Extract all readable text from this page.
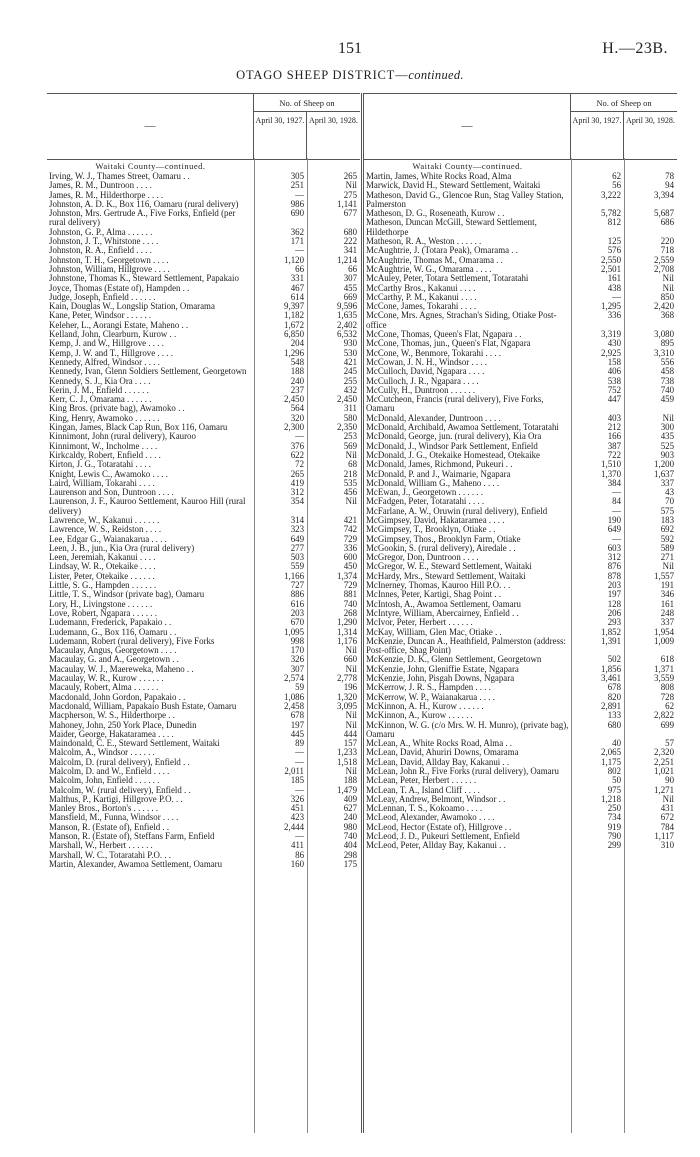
151	H.—23B.
OTAGO SHEEP DISTRICT—continued.
—
No. of Sheep on
April 30, 1927. April 30, 1928.
Waitaki County—continued.
Irving, W. J., Thames Street, Oamaru . .	305	265
James, R. M., Duntroon . . . .	251	Nil
James, R. M., Hilderthorpe . . . .	—	275
Johnston, A. D. K., Box 116, Oamaru (rural delivery)	986	1,141
Johnston, Mrs. Gertrude A., Five Forks, Enfield (per rural delivery)
690	677
Johnston, G. P., Alma . . . . . .	362	680
Johnston, J. T., Whitstone . . . .	171	222
Johnston, R. A., Enfield . . . .	—	341
Johnston, T. H., Georgetown . . . .	1,120	1,214
Johnston, William, Hillgrove . . . .	66	66
Johnstone, Thomas K., Steward Settlement, Papakaio	331	307
Joyce, Thomas (Estate of), Hampden . .	467	455
Judge, Joseph, Enfield . . . . . .	614	669
Kain, Douglas W., Longslip Station, Omarama	9,397	9,596
Kane, Peter, Windsor . . . . . .	1,182	1,635
Keleher, L., Aorangi Estate, Maheno . .	1,672	2,402
Kelland, John, Clearburn, Kurow . .	6,850	6,532
Kemp, J. and W., Hillgrove . . . .	204	930
Kemp, J. W. and T., Hillgrove . . . .	1,296	530
Kennedy, Alfred, Windsor . . . .	548	421
Kennedy, Ivan, Glenn Soldiers Settlement, Georgetown	188	245
Kennedy, S. J., Kia Ora . . . .	240	255
Kerin, J. M., Enfield . . . . . .	237	432
Kerr, C. J., Omarama . . . . . .	2,450	2,450
King Bros. (private bag), Awamoko . .	564	311
King, Henry, Awamoko . . . . . .	320	580
Kingan, James, Black Cap Run, Box 116, Oamaru	2,300	2,350
Kinnimont, John (rural delivery), Kauroo	—	253
Kinnimont, W., Incholme . . . .	376	569
Kirkcaldy, Robert, Enfield . . . .	622	Nil
Kirton, J. G., Totaratahi . . . .	72	68
Knight, Lewis C., Awamoko . . . .	265	218
Laird, William, Tokarahi . . . .	419	535
Laurenson and Son, Duntroon . . . .	312	456
Laurenson, J. F., Kauroo Settlement, Kauroo Hill (rural delivery)
354	Nil
Lawrence, W., Kakanui . . . . . .	314	421
Lawrence, W. S., Reidston . . . .	323	742
Lee, Edgar G., Waianakarua . . . .	649	729
Leen, J. B., jun., Kia Ora (rural delivery)	277	336
Leen, Jeremiah, Kakanui . . . .	503	600
Lindsay, W. R., Otekaike . . . .	559	450
Lister, Peter, Otekaike . . . . . .	1,166	1,374
Little, S. G., Hampden . . . . . .	727	729
Little, T. S., Windsor (private bag), Oamaru	886	881
Lory, H., Livingstone . . . . . .	616	740
Love, Robert, Ngapara . . . . . .	203	268
Ludemann, Frederick, Papakaio . .	670	1,290
Ludemann, G., Box 116, Oamaru . .	1,095	1,314
Ludemann, Robert (rural delivery), Five Forks	998	1,176
Macaulay, Angus, Georgetown . . . .	170	Nil
Macaulay, G. and A., Georgetown . .	326	660
Macaulay, W. J., Maereweka, Maheno . .	307	Nil
Macaulay, W. R., Kurow . . . . . .	2,574	2,778
Macauly, Robert, Alma . . . . . .	59	196
Macdonald, John Gordon, Papakaio . .	1,086	1,320
Macdonald, William, Papakaio Bush Estate, Oamaru	2,458	3,095
Macpherson, W. S., Hilderthorpe . .	678	Nil
Mahoney, John, 250 York Place, Dunedin	197	Nil
Maider, George, Hakataramea . . . .	445	444
Maindonald, C. E., Steward Settlement, Waitaki	89	157
Malcolm, A., Windsor . . . . . .	—	1,233
Malcolm, D. (rural delivery), Enfield . .	—	1,518
Malcolm, D. and W., Enfield . . . .	2,011	Nil
Malcolm, John, Enfield . . . . . .	185	188
Malcolm, W. (rural delivery), Enfield . .	—	1,479
Malthus, P., Kartigi, Hillgrove P.O. . .	326	409
Manley Bros., Borton's . . . . . .	451	627
Mansfield, M., Funna, Windsor . . . .	423	240
Manson, R. (Estate of), Enfield . .	2,444	980
Manson, R. (Estate of), Steffans Farm, Enfield	—	740
Marshall, W., Herbert . . . . . .	411	404
Marshall, W. C., Totaratahi P.O. . .	86	298
Martin, Alexander, Awamoa Settlement, Oamaru	160	175
—
No. of Sheep on
April 30, 1927. April 30, 1928.
Waitaki County—continued.
Martin, James, White Rocks Road, Alma	62	78
Marwick, David H., Steward Settlement, Waitaki	56	94
Matheson, David G., Glencoe Run, Stag Valley Station, Palmerston
3,222	3,394
Matheson, D. G., Roseneath, Kurow . .	5,782	5,687
Matheson, Duncan McGill, Steward Settlement, Hildethorpe
812	686
Matheson, R. A., Weston . . . . . .	125	220
McAughtrie, J. (Totara Peak), Omarama . .	576	718
McAughtrie, Thomas M., Omarama . .	2,550	2,559
McAughtrie, W. G., Omarama . . . .	2,501	2,708
McAuley, Peter, Totara Settlement, Totaratahi	161	Nil
McCarthy Bros., Kakanui . . . .	438	Nil
McCarthy, P. M., Kakanui . . . .	—	850
McCone, James, Tokarahi . . . .	1,295	2,420
McCone, Mrs. Agnes, Strachan's Siding, Otiake Post-office
336	368
McCone, Thomas, Queen's Flat, Ngapara . .	3,319	3,080
McCone, Thomas, jun., Queen's Flat, Ngapara	430	895
McCone, W., Benmore, Tokarahi . . . .	2,925	3,310
McCowan, J. N. H., Windsor . . . .	158	556
McCulloch, David, Ngapara . . . .	406	458
McCulloch, J. R., Ngapara . . . .	538	738
McCully, H., Duntroon . . . . . .	752	740
McCutcheon, Francis (rural delivery), Five Forks, Oamaru
447	459
McDonald, Alexander, Duntroon . . . .	403	Nil
McDonald, Archibald, Awamoa Settlement, Totaratahi	212	300
McDonald, George, jun. (rural delivery), Kia Ora	166	435
McDonald, J., Windsor Park Settlement, Enfield	387	525
McDonald, J. G., Otekaike Homestead, Otekaike	722	903
McDonald, James, Richmond, Pukeuri . .	1,510	1,200
McDonald, P. and J., Waimarie, Ngapara	1,370	1,637
McDonald, William G., Maheno . . . .	384	337
McEwan, J., Georgetown . . . . . .	—	43
McFadgen, Peter, Totaratahi . . . .	84	70
McFarlane, A. W., Oruwin (rural delivery), Enfield	—	575
McGimpsey, David, Hakataramea . . . .	190	183
McGimpsey, T., Brooklyn, Otiake . .	649	692
McGimpsey, Thos., Brooklyn Farm, Otiake	—	592
McGookin, S. (rural delivery), Airedale . .	603	589
McGregor, Don, Duntroon . . . .	312	271
McGregor, W. E., Steward Settlement, Waitaki	876	Nil
McHardy, Mrs., Steward Settlement, Waitaki	878	1,557
McInerney, Thomas, Kauroo Hill P.O. . .	203	191
McInnes, Peter, Kartigi, Shag Point . .	197	346
McIntosh, A., Awamoa Settlement, Oamaru	128	161
McIntyre, William, Abercairney, Enfield . .	206	248
McIvor, Peter, Herbert . . . . . .	293	337
McKay, William, Glen Mac, Otiake . .	1,852	1,954
McKenzie, Duncan A., Heathfield, Palmerston (address: Post-office, Shag Point)
1,391	1,009
McKenzie, D. K., Glenn Settlement, Georgetown	502	618
McKenzie, John, Gleniffie Estate, Ngapara	1,856	1,371
McKenzie, John, Pisgah Downs, Ngapara	3,461	3,559
McKerrow, J. R. S., Hampden . . . .	678	808
McKerrow, W. P., Waianakarua . . . .	820	728
McKinnon, A. H., Kurow . . . . . .	2,891	62
McKinnon, A., Kurow . . . . . .	133	2,822
McKinnon, W. G. (c/o Mrs. W. H. Munro), (private bag), Oamaru
680	699
McLean, A., White Rocks Road, Alma . .	40	57
McLean, David, Ahuriri Downs, Omarama	2,065	2,320
McLean, David, Allday Bay, Kakanui . .	1,175	2,251
McLean, John R., Five Forks (rural delivery), Oamaru	802	1,021
McLean, Peter, Herbert . . . . . .	50	90
McLean, T. A., Island Cliff . . . .	975	1,271
McLeay, Andrew, Belmont, Windsor . .	1,218	Nil
McLennan, T. S., Kokoamo . . . .	250	431
McLeod, Alexander, Awamoko . . . .	734	672
McLeod, Hector (Estate of), Hillgrove . .	919	784
McLeod, J. D., Pukeuri Settlement, Enfield	790	1,117
McLeod, Peter, Allday Bay, Kakanui . .	299	310
